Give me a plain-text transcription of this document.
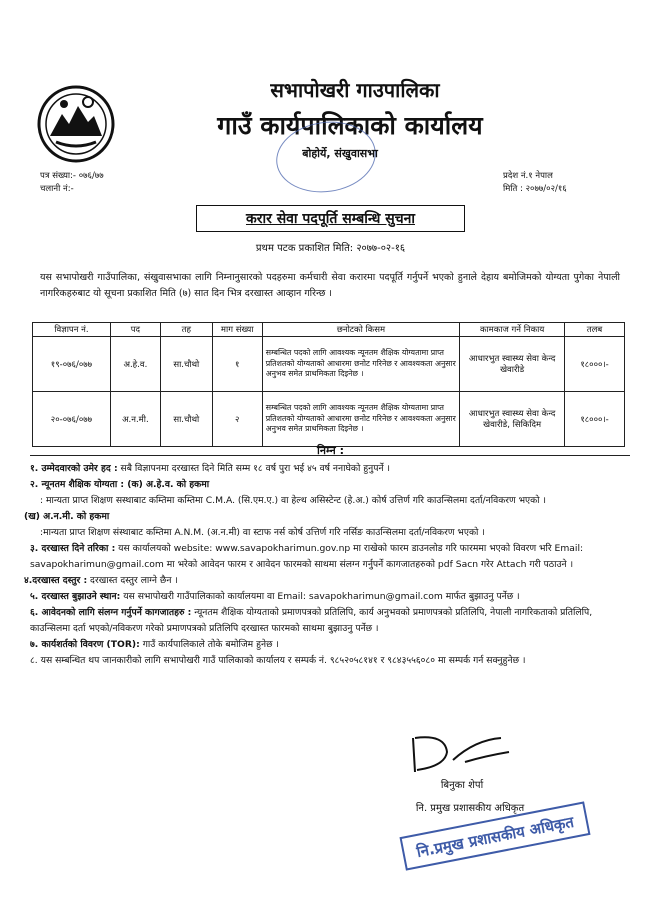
सभापोखरी गाउपालिका
गाउँ कार्यपालिकाको कार्यालय
बोहोर्ये, संखुवासभा
पत्र संख्या:- ०७६/७७
चलानी नं:-
प्रदेश नं.१ नेपाल
मिति : २०७७/०२/१६
करार सेवा पदपूर्ति सम्बन्धि सुचना
प्रथम पटक प्रकाशित मिति: २०७७-०२-१६
यस सभापोखरी गाउँपालिका, संखुवासभाका लागि निम्नानुसारको पदहरुमा कर्मचारी सेवा करारमा पदपूर्ति गर्नुपर्ने भएको हुनाले देहाय बमोजिमको योग्यता पुगेका नेपाली नागरिकहरुबाट यो सूचना प्रकाशित मिति (७) सात दिन भित्र दरखास्त आव्हान गरिन्छ ।
विज्ञापन नं.	पद	तह	माग संख्या	छनोटको किसम	कामकाज गर्ने निकाय	तलब
१९-०७६/०७७	अ.हे.व.	सा.चौथो	१	सम्बन्धित पदको लागि आवश्यक न्यूनतम शैक्षिक योग्यतामा प्राप्त प्रतिशतको योग्यताको आधारमा छनोट गरिनेछ र आवश्यकता अनुसार अनुभव समेत प्राथमिकता दिइनेछ ।	आधारभुत स्वास्थ्य सेवा केन्द खेवारीडे	१८०००।-
२०-०७६/०७७	अ.न.मी.	सा.चौथो	२	सम्बन्धित पदको लागि आवश्यक न्यूनतम शैक्षिक योग्यतामा प्राप्त प्रतिशतको योग्यताको आधारमा छनोट गरिनेछ र आवश्यकता अनुसार अनुभव समेत प्राथमिकता दिइनेछ ।	आधारभुत स्वास्थ्य सेवा केन्द खेवारीडे, सिकिदिम	१८०००।-
निम्न :

१. उम्मेदवारको उमेर हद : सबै विज्ञापनमा दरखास्त दिने मिति सम्म १८ वर्ष पुरा भई ४५ वर्ष ननाघेको हुनुपर्ने ।

२. न्यूनतम शैक्षिक योग्यता : (क) अ.हे.व. को हकमा

: मान्यता प्राप्त शिक्षण सस्थाबाट कम्तिमा कम्तिमा C.M.A. (सि.एम.ए.) वा हेल्थ असिस्टेन्ट (हे.अ.) कोर्ष उत्तिर्ण गरि काउन्सिलमा दर्ता/नविकरण भएको ।

(ख) अ.न.मी. को हकमा

:मान्यता प्राप्त शिक्षण संस्थाबाट कम्तिमा A.N.M. (अ.न.मी) वा स्टाफ नर्स कोर्ष उत्तिर्ण गरि नर्सिङ काउन्सिलमा दर्ता/नविकरण भएको ।

३. दरखास्त दिने तरिका : यस कार्यालयको website: www.savapokharimun.gov.np मा राखेको फारम डाउनलोड गरि फारममा भएको विवरण भरि Email: savapokharimun@gmail.com मा भरेको आवेदन फारम र आवेदन फारमको साथमा संलग्न गर्नुपर्ने कागजातहरुको pdf Sacn गरेर Attach गरी पठाउने ।

४.दरखास्त दस्तुर : दरखास्त दस्तुर लाग्ने छैन ।

५. दरखास्त बुझाउने स्थान: यस सभापोखरी गाउँपालिकाको कार्यालयमा वा Email: savapokharimun@gmail.com मार्फत बुझाउनु पर्नेछ ।

६. आवेदनको लागि संलग्न गर्नुपर्ने कागजातहरु : न्यूनतम शैक्षिक योग्यताको प्रमाणपत्रको प्रतिलिपि, कार्य अनुभवको प्रमाणपत्रको प्रतिलिपि, नेपाली नागरिकताको प्रतिलिपि, काउन्सिलमा दर्ता भएको/नविकरण गरेको प्रमाणपत्रको प्रतिलिपि दरखास्त फारमको साथमा बुझाउनु पर्नेछ ।

७. कार्यशर्तको विवरण (TOR): गाउँ कार्यपालिकाले तोके बमोजिम हुनेछ ।

८. यस सम्बन्धित थप जानकारीको लागि सभापोखरी गाउँ पालिकाको कार्यालय र सम्पर्क नं. ९८५२०५८१४१ र ९८४३५५६०८० मा सम्पर्क गर्न सक्नुहुनेछ ।

बिनुका शेर्पा
नि. प्रमुख प्रशासकीय अधिकृत
नि.प्रमुख प्रशासकीय अधिकृत
